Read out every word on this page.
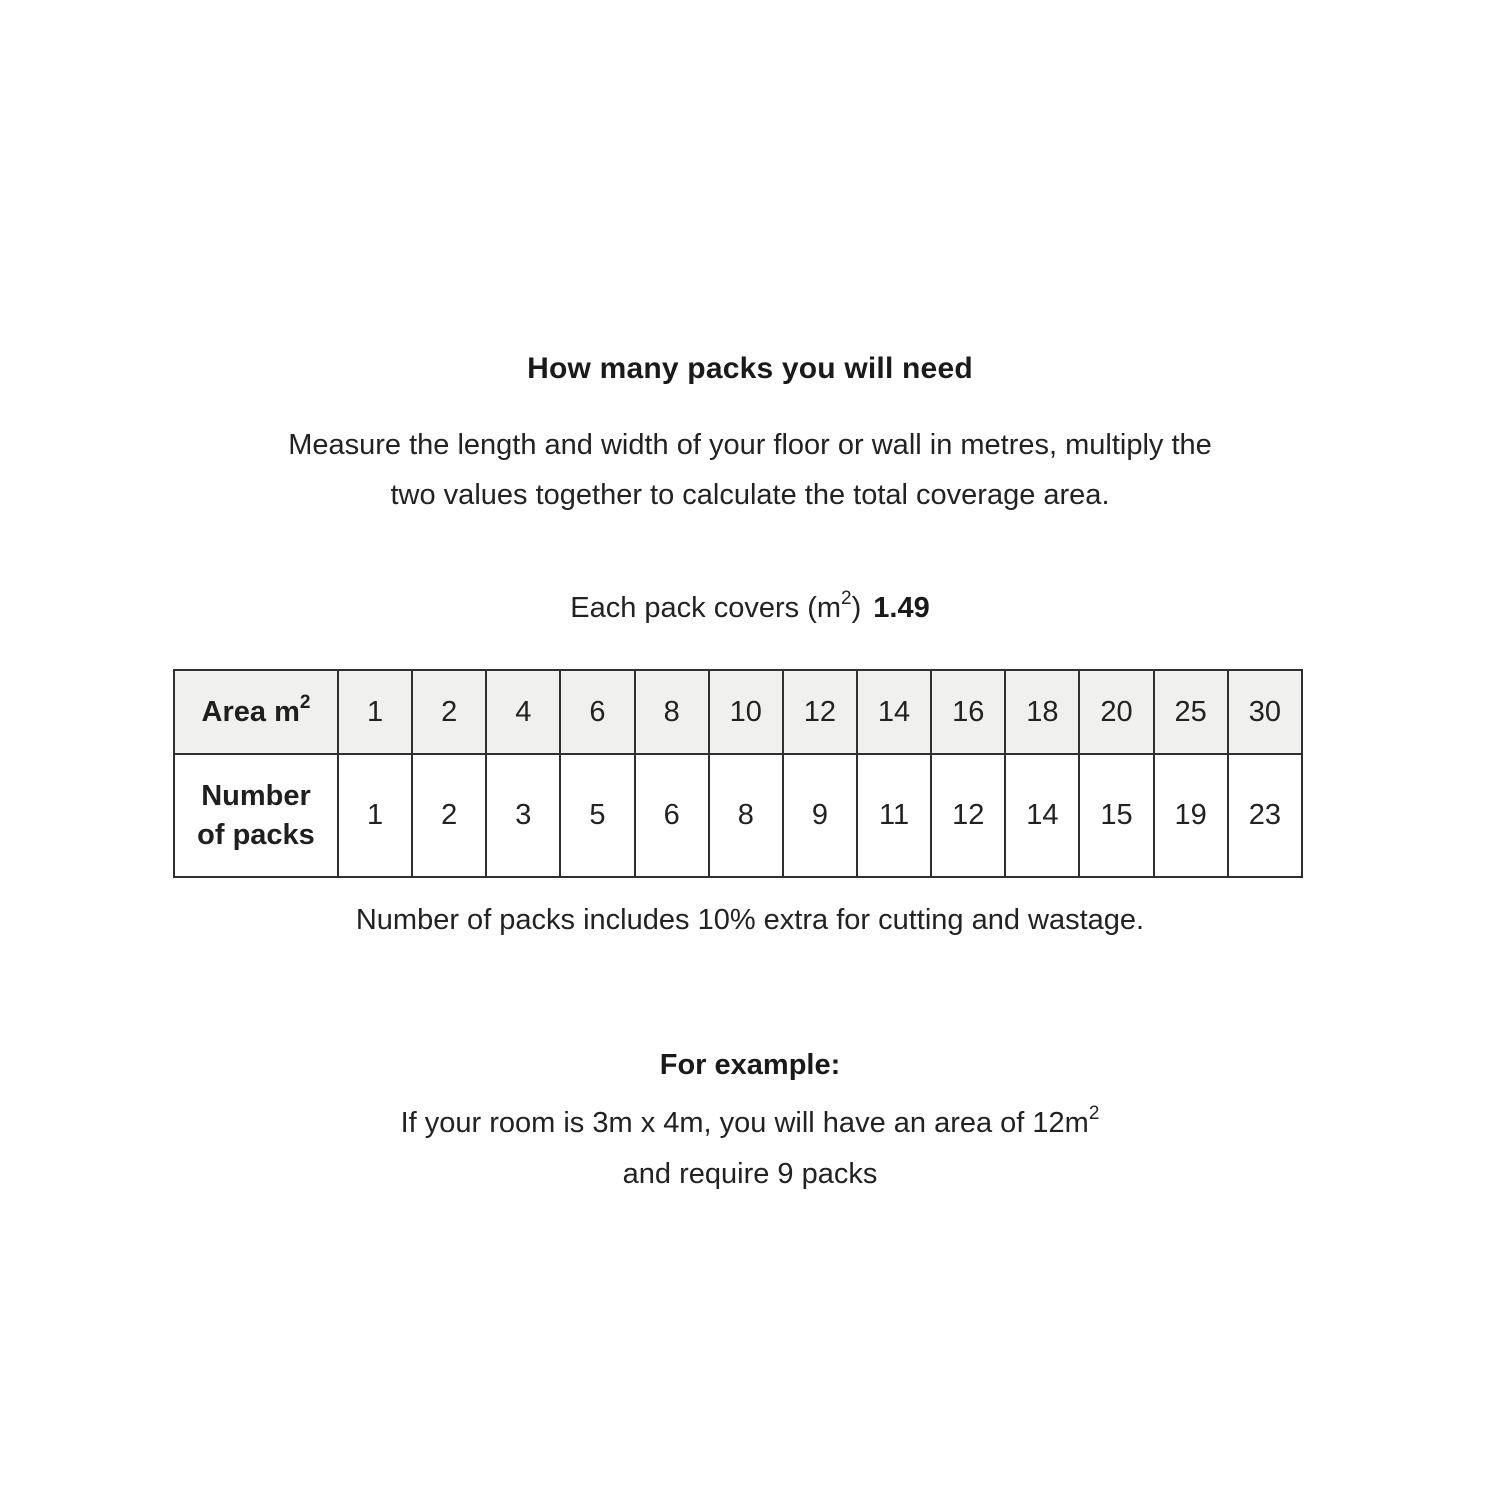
How many packs you will need
Measure the length and width of your floor or wall in metres, multiply the
two values together to calculate the total coverage area.
Each pack covers $(m^2)$ 1.49
Area $m^2$	1	2	4	6	8	10	12	14	16	18	20	25	30

Number
of packs	1	2	3	5	6	8	9	11	12	14	15	19	23
Number of packs includes 10% extra for cutting and wastage.
For example:
If your room is 3m x 4m, you will have an area of $12m^2$
and require 9 packs
